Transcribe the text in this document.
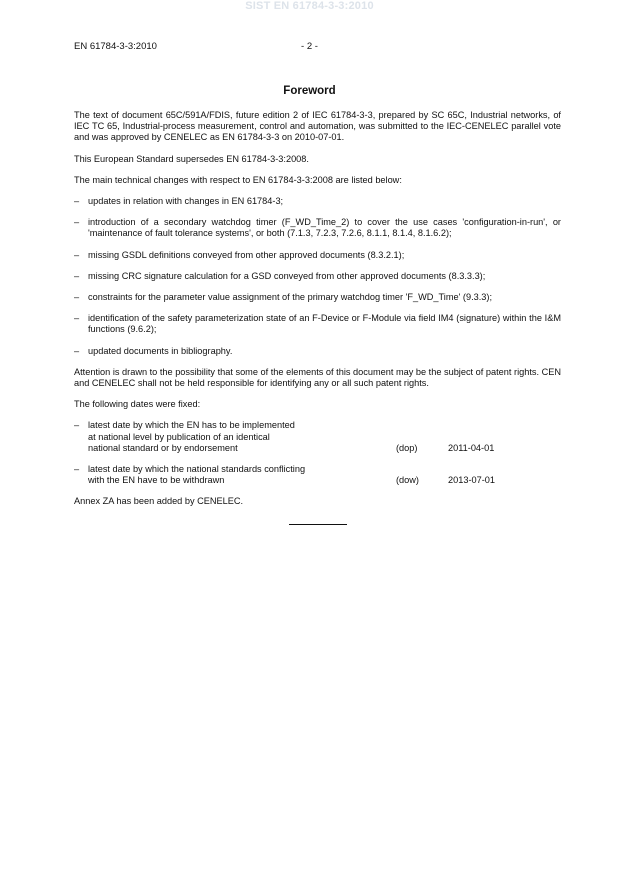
SIST EN 61784-3-3:2010
EN 61784-3-3:2010	- 2 -
Foreword

The text of document 65C/591A/FDIS, future edition 2 of IEC 61784-3-3, prepared by SC 65C, Industrial networks, of IEC TC 65, Industrial-process measurement, control and automation, was submitted to the IEC-CENELEC parallel vote and was approved by CENELEC as EN 61784-3-3 on 2010-07-01.

This European Standard supersedes EN 61784-3-3:2008.

The main technical changes with respect to EN 61784-3-3:2008 are listed below:

– updates in relation with changes in EN 61784-3;
– introduction of a secondary watchdog timer (F_WD_Time_2) to cover the use cases 'configuration-in-run', or 'maintenance of fault tolerance systems', or both (7.1.3, 7.2.3, 7.2.6, 8.1.1, 8.1.4, 8.1.6.2);
– missing GSDL definitions conveyed from other approved documents (8.3.2.1);
– missing CRC signature calculation for a GSD conveyed from other approved documents (8.3.3.3);
– constraints for the parameter value assignment of the primary watchdog timer 'F_WD_Time' (9.3.3);
– identification of the safety parameterization state of an F-Device or F-Module via field IM4 (signature) within the I&M functions (9.6.2);
– updated documents in bibliography.

Attention is drawn to the possibility that some of the elements of this document may be the subject of patent rights. CEN and CENELEC shall not be held responsible for identifying any or all such patent rights.

The following dates were fixed:

– latest date by which the EN has to be implemented
at national level by publication of an identical
national standard or by endorsement	(dop)	2011-04-01
– latest date by which the national standards conflicting
with the EN have to be withdrawn	(dow)	2013-07-01

Annex ZA has been added by CENELEC.
